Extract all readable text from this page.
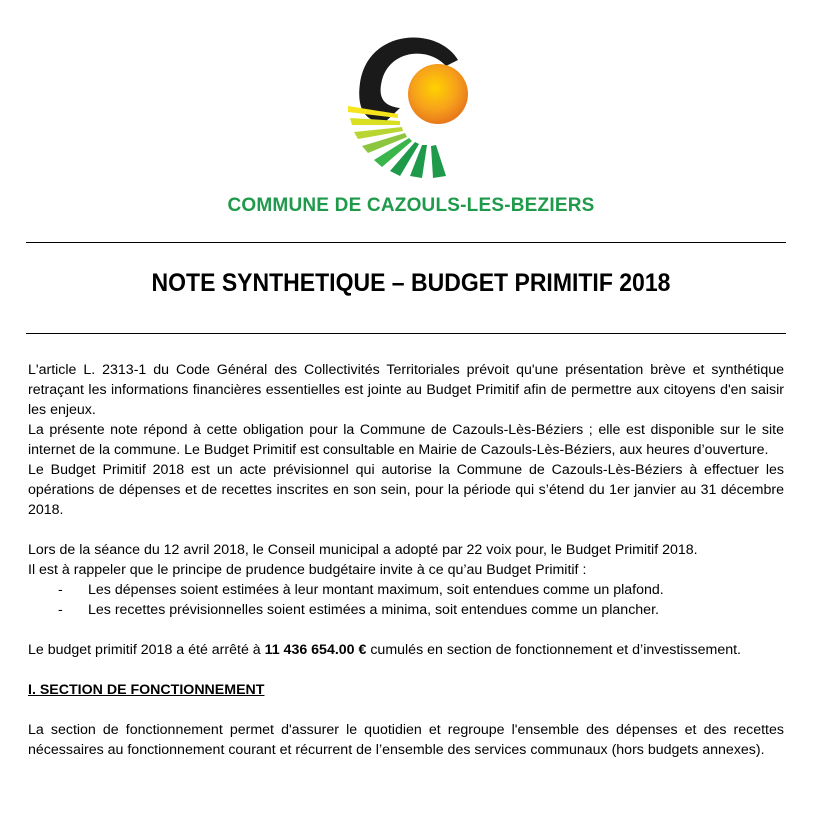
COMMUNE DE CAZOULS-LES-BEZIERS
NOTE SYNTHETIQUE – BUDGET PRIMITIF 2018

L'article L. 2313-1 du Code Général des Collectivités Territoriales prévoit qu'une présentation brève et synthétique retraçant les informations financières essentielles est jointe au Budget Primitif afin de permettre aux citoyens d'en saisir les enjeux.

La présente note répond à cette obligation pour la Commune de Cazouls-Lès-Béziers ; elle est disponible sur le site internet de la commune. Le Budget Primitif est consultable en Mairie de Cazouls-Lès-Béziers, aux heures d’ouverture.

Le Budget Primitif 2018 est un acte prévisionnel qui autorise la Commune de Cazouls-Lès-Béziers à effectuer les opérations de dépenses et de recettes inscrites en son sein, pour la période qui s’étend du 1er janvier au 31 décembre 2018.

Lors de la séance du 12 avril 2018, le Conseil municipal a adopté par 22 voix pour, le Budget Primitif 2018.

Il est à rappeler que le principe de prudence budgétaire invite à ce qu’au Budget Primitif :

- Les dépenses soient estimées à leur montant maximum, soit entendues comme un plafond.
- Les recettes prévisionnelles soient estimées a minima, soit entendues comme un plancher.

Le budget primitif 2018 a été arrêté à 11 436 654.00 € cumulés en section de fonctionnement et d’investissement.

I. SECTION DE FONCTIONNEMENT

La section de fonctionnement permet d'assurer le quotidien et regroupe l'ensemble des dépenses et des recettes nécessaires au fonctionnement courant et récurrent de l’ensemble des services communaux (hors budgets annexes).
